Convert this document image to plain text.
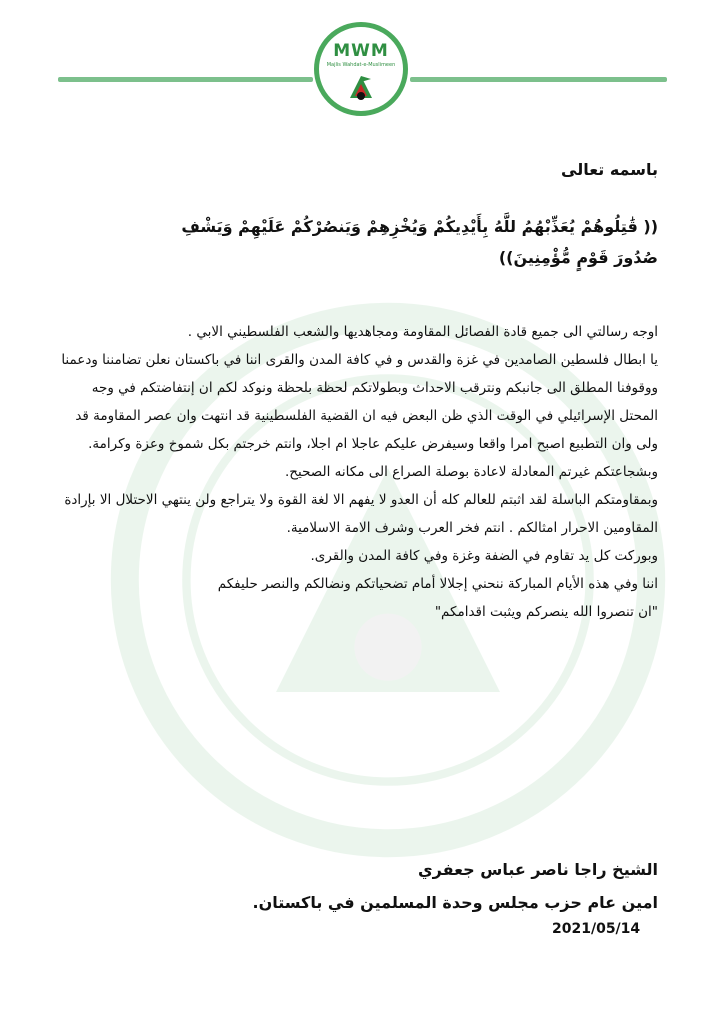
MWM
Majlis Wahdat-e-Muslimeen
باسمه تعالی
(( قَٰتِلُوهُمْ يُعَذِّبْهُمُ للَّهُ بِأَيْدِيكُمْ وَيُخْزِهِمْ وَيَنصُرْكُمْ عَلَيْهِمْ وَيَشْفِ
صُدُورَ قَوْمٍ مُّؤْمِنِينَ))

اوجه رسالتي الى جميع قادة الفصائل المقاومة ومجاهديها والشعب الفلسطيني الابي .

يا ابطال فلسطين الصامدين في غزة والقدس و في كافة المدن والقرى اننا في باكستان نعلن تضامننا ودعمنا ووقوفنا المطلق الى جانبكم ونترقب الاحداث وبطولاتكم لحظة بلحظة ونوكد لكم ان إنتفاضتكم في وجه المحتل الإسرائيلي في الوقت الذي ظن البعض فيه ان القضية الفلسطينية قد انتهت وان عصر المقاومة قد ولى وان التطبيع اصبح امرا واقعا وسيفرض عليكم عاجلا ام اجلا، وانتم خرجتم بكل شموخ وعزة وكرامة.

وبشجاعتكم غيرتم المعادلة لاعادة بوصلة الصراع الى مكانه الصحيح.

وبمقاومتكم الباسلة لقد اثبتم للعالم كله أن العدو لا يفهم الا لغة القوة ولا يتراجع ولن ينتهي الاحتلال الا بإرادة المقاومين الاحرار امثالكم . انتم فخر العرب وشرف الامة الاسلامية.

وبوركت كل يد تقاوم في الضفة وغزة وفي كافة المدن والقرى.

اننا وفي هذه الأيام المباركة ننحني إجلالا أمام تضحياتكم ونضالكم والنصر حليفكم

"ان تنصروا الله ينصركم ويثبت اقدامكم"

الشيخ راجا ناصر عباس جعفري
امين عام حزب مجلس وحدة المسلمين في باكستان.
2021/05/14
